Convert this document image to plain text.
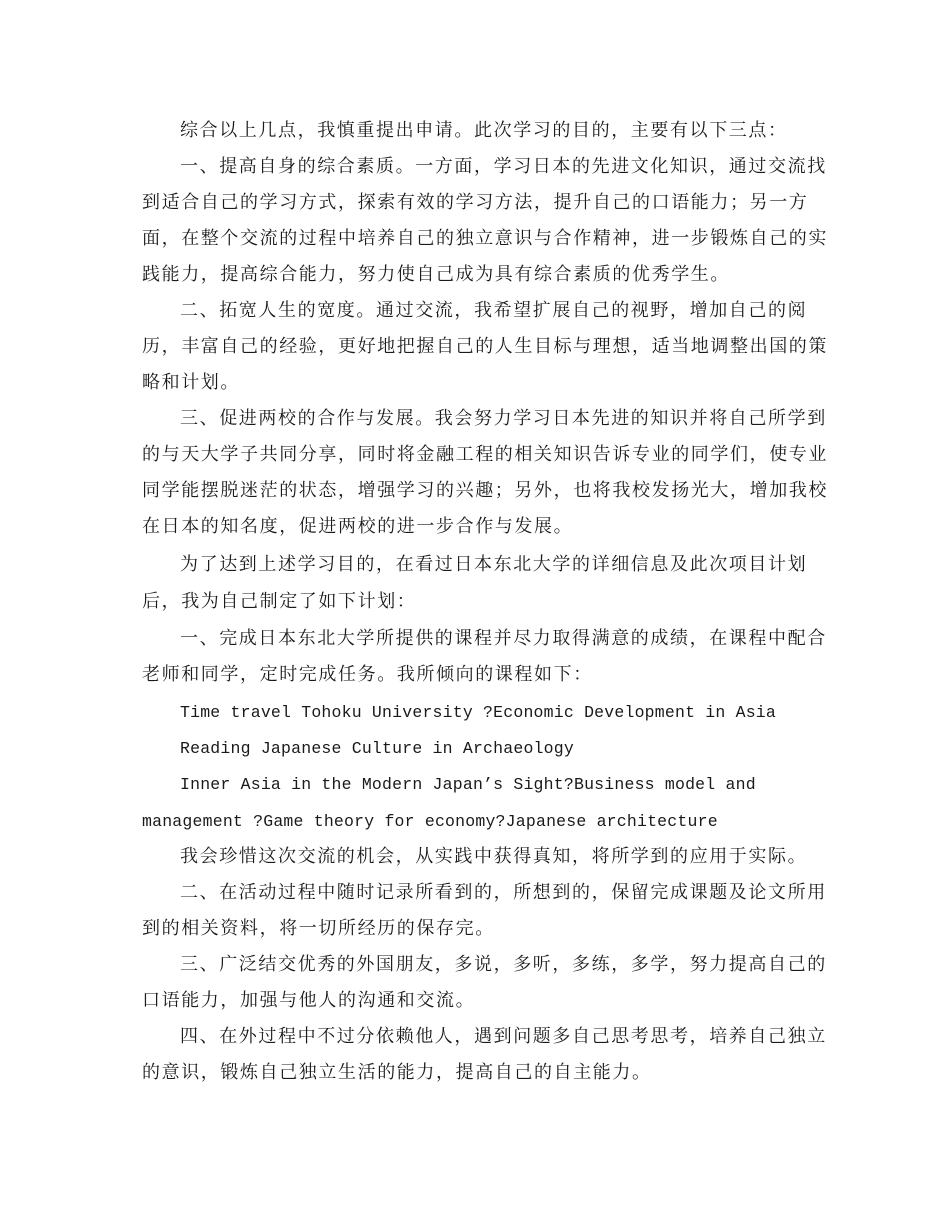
综合以上几点，我慎重提出申请。此次学习的目的，主要有以下三点：
一、提高自身的综合素质。一方面，学习日本的先进文化知识，通过交流找
到适合自己的学习方式，探索有效的学习方法，提升自己的口语能力；另一方
面，在整个交流的过程中培养自己的独立意识与合作精神，进一步锻炼自己的实
践能力，提高综合能力，努力使自己成为具有综合素质的优秀学生。
二、拓宽人生的宽度。通过交流，我希望扩展自己的视野，增加自己的阅
历，丰富自己的经验，更好地把握自己的人生目标与理想，适当地调整出国的策
略和计划。
三、促进两校的合作与发展。我会努力学习日本先进的知识并将自己所学到
的与天大学子共同分享，同时将金融工程的相关知识告诉专业的同学们，使专业
同学能摆脱迷茫的状态，增强学习的兴趣；另外，也将我校发扬光大，增加我校
在日本的知名度，促进两校的进一步合作与发展。
为了达到上述学习目的，在看过日本东北大学的详细信息及此次项目计划
后，我为自己制定了如下计划：
一、完成日本东北大学所提供的课程并尽力取得满意的成绩，在课程中配合
老师和同学，定时完成任务。我所倾向的课程如下：
Time travel Tohoku University ?Economic Development in Asia
Reading Japanese Culture in Archaeology
Inner Asia in the Modern Japan’s Sight?Business model and
management ?Game theory for economy?Japanese architecture
我会珍惜这次交流的机会，从实践中获得真知，将所学到的应用于实际。
二、在活动过程中随时记录所看到的，所想到的，保留完成课题及论文所用
到的相关资料，将一切所经历的保存完。
三、广泛结交优秀的外国朋友，多说，多听，多练，多学，努力提高自己的
口语能力，加强与他人的沟通和交流。
四、在外过程中不过分依赖他人，遇到问题多自己思考思考，培养自己独立
的意识，锻炼自己独立生活的能力，提高自己的自主能力。
